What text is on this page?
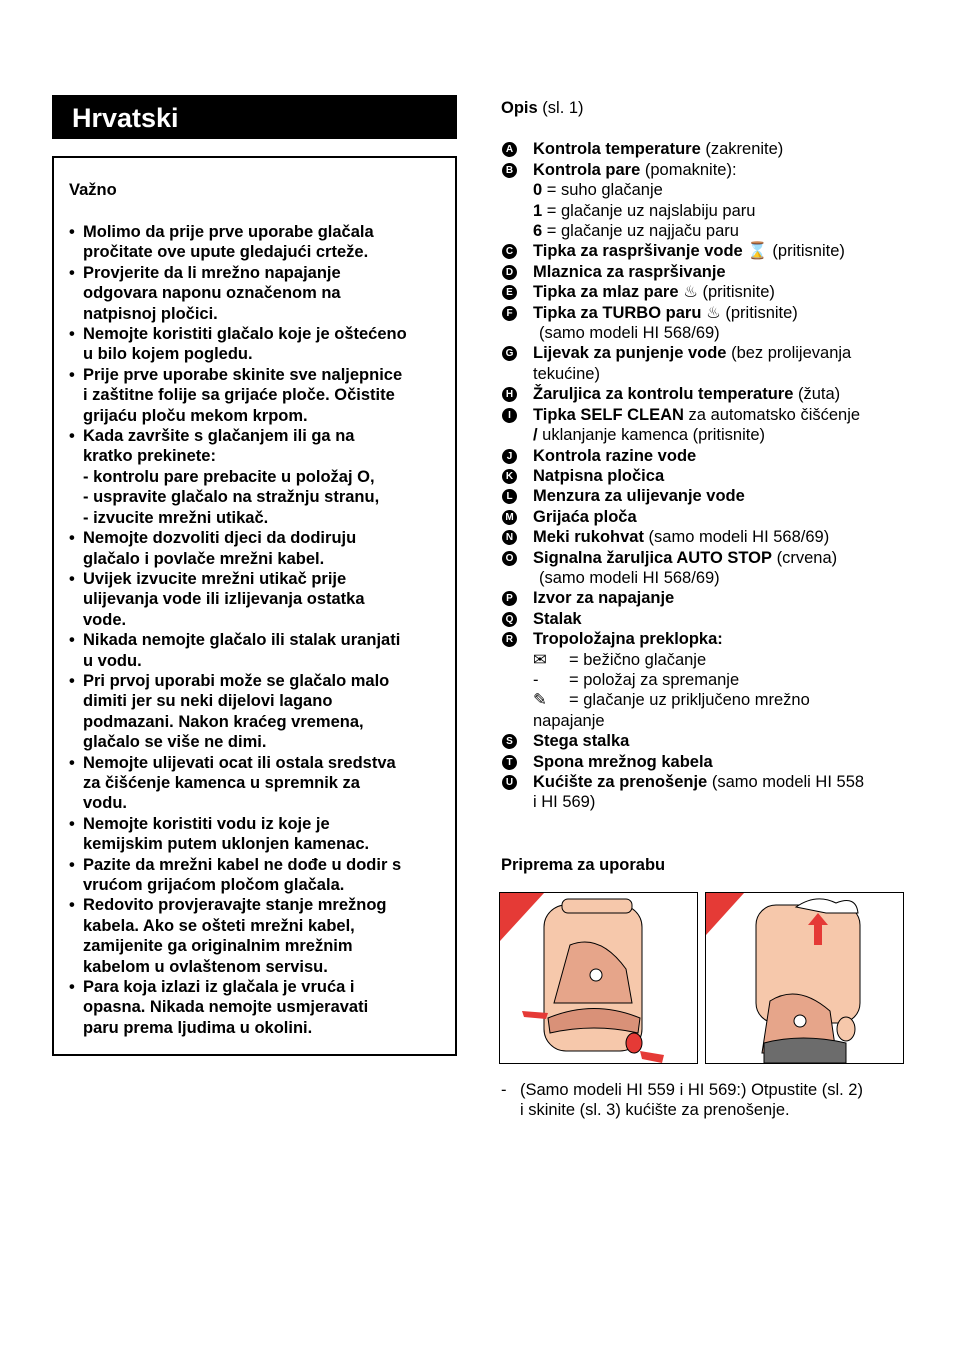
Hrvatski
Važno
• Molimo da prije prve uporabe glačala
pročitate ove upute gledajući crteže.
• Provjerite da li mrežno napajanje
odgovara naponu označenom na
natpisnoj pločici.
• Nemojte koristiti glačalo koje je oštećeno
u bilo kojem pogledu.
• Prije prve uporabe skinite sve naljepnice
i zaštitne folije sa grijaće ploče. Očistite
grijaću ploču mekom krpom.
• Kada završite s glačanjem ili ga na
kratko prekinete:
- kontrolu pare prebacite u položaj O,
- uspravite glačalo na stražnju stranu,
- izvucite mrežni utikač.
• Nemojte dozvoliti djeci da dodiruju
glačalo i povlače mrežni kabel.
• Uvijek izvucite mrežni utikač prije
ulijevanja vode ili izlijevanja ostatka
vode.
• Nikada nemojte glačalo ili stalak uranjati
u vodu.
• Pri prvoj uporabi može se glačalo malo
dimiti jer su neki dijelovi lagano
podmazani. Nakon kraćeg vremena,
glačalo se više ne dimi.
• Nemojte ulijevati ocat ili ostala sredstva
za čišćenje kamenca u spremnik za
vodu.
• Nemojte koristiti vodu iz koje je
kemijskim putem uklonjen kamenac.
• Pazite da mrežni kabel ne dođe u dodir s
vrućom grijaćom pločom glačala.
• Redovito provjeravajte stanje mrežnog
kabela. Ako se ošteti mrežni kabel,
zamijenite ga originalnim mrežnim
kabelom u ovlaštenom servisu.
• Para koja izlazi iz glačala je vruća i
opasna. Nikada nemojte usmjeravati
paru prema ljudima u okolini.
Opis (sl. 1)
A Kontrola temperature (zakrenite)
B Kontrola pare (pomaknite):
0 = suho glačanje
1 = glačanje uz najslabiju paru
6 = glačanje uz najjaču paru
C Tipka za raspršivanje vode ⌛ (pritisnite)
D Mlaznica za raspršivanje
E Tipka za mlaz pare ♨ (pritisnite)
F Tipka za TURBO paru ♨ (pritisnite)
(samo modeli HI 568/69)
G Lijevak za punjenje vode (bez prolijevanja
tekućine)
H Žaruljica za kontrolu temperature (žuta)
I	Tipka SELF CLEAN za automatsko čišćenje
/ uklanjanje kamenca (pritisnite)
J Kontrola razine vode
K Natpisna pločica
L Menzura za ulijevanje vode
M Grijaća ploča
N Meki rukohvat (samo modeli HI 568/69)
O Signalna žaruljica AUTO STOP (crvena)
(samo modeli HI 568/69)
P Izvor za napajanje
Q Stalak
R Tropoložajna preklopka:
✉ = bežično glačanje
- = položaj za spremanje
✎ = glačanje uz priključeno mrežno
napajanje
S Stega stalka
T Spona mrežnog kabela
U Kućište za prenošenje (samo modeli HI 558
i HI 569)
Priprema za uporabu
- (Samo modeli HI 559 i HI 569:) Otpustite (sl. 2)
i skinite (sl. 3) kućište za prenošenje.
